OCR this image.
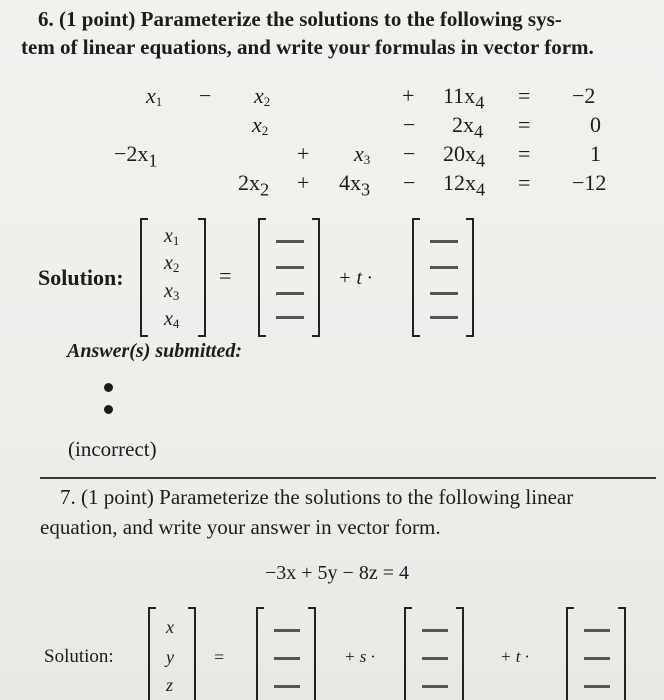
6. (1 point) Parameterize the solutions to the following sys-
tem of linear equations, and write your formulas in vector form.
$x_1 - x_2$	+ $11x_4 = -2$
$x_2$	− $2x_4$ =	0
$-2x_1$	+ $x_3 - 20x_4$ =	1
$2x_2 + 4x_3 - 12x_4 = -12$
Solution:
$x_1$
$x_2$
$x_3$
$x_4$
=	+ t ·
Answer(s) submitted:
(incorrect)
7. (1 point) Parameterize the solutions to the following linear
equation, and write your answer in vector form.
−3x + 5y − 8z = 4
Solution:
x
y
z
=	+ s ·	+ t ·
